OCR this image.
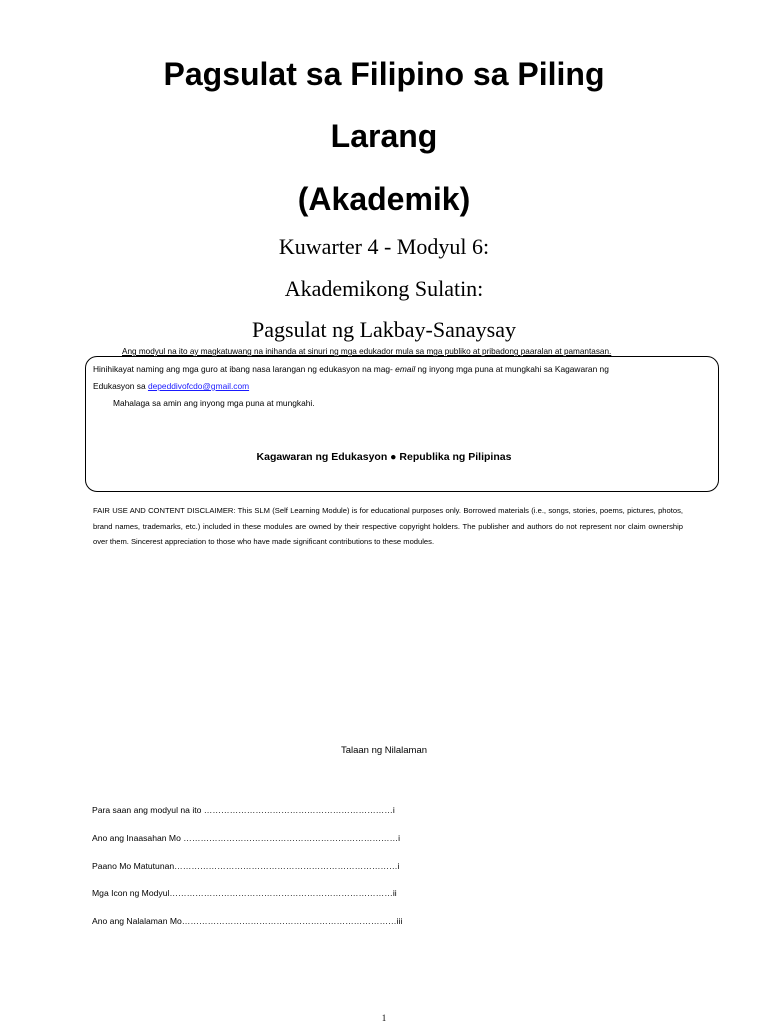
Pagsulat sa Filipino sa Piling
Larang
(Akademik)
Kuwarter 4 - Modyul 6:
Akademikong Sulatin:
Pagsulat ng Lakbay-Sanaysay
Ang modyul na ito ay magkatuwang na inihanda at sinuri ng mga edukador mula sa mga publiko at pribadong paaralan at pamantasan.
Hinihikayat naming ang mga guro at ibang nasa larangan ng edukasyon na mag- email ng inyong mga puna at mungkahi sa Kagawaran ng
Edukasyon sa depeddivofcdo@gmail.com
Mahalaga sa amin ang inyong mga puna at mungkahi.
Kagawaran ng Edukasyon ● Republika ng Pilipinas
FAIR USE AND CONTENT DISCLAIMER: This SLM (Self Learning Module) is for educational purposes only. Borrowed materials (i.e., songs, stories, poems, pictures, photos, brand names, trademarks, etc.) included in these modules are owned by their respective copyright holders. The publisher and authors do not represent nor claim ownership over them. Sincerest appreciation to those who have made significant contributions to these modules.
Talaan ng Nilalaman
Para saan ang modyul na ito …………………………………………………………i
Ano ang Inaasahan Mo …………………………………………………………………i
Paano Mo Matutunan……………………………………………………………………i
Mga Icon ng Modyul……………………………………………………………………ii
Ano ang Nalalaman Mo…………………………………………………………………iii
1
